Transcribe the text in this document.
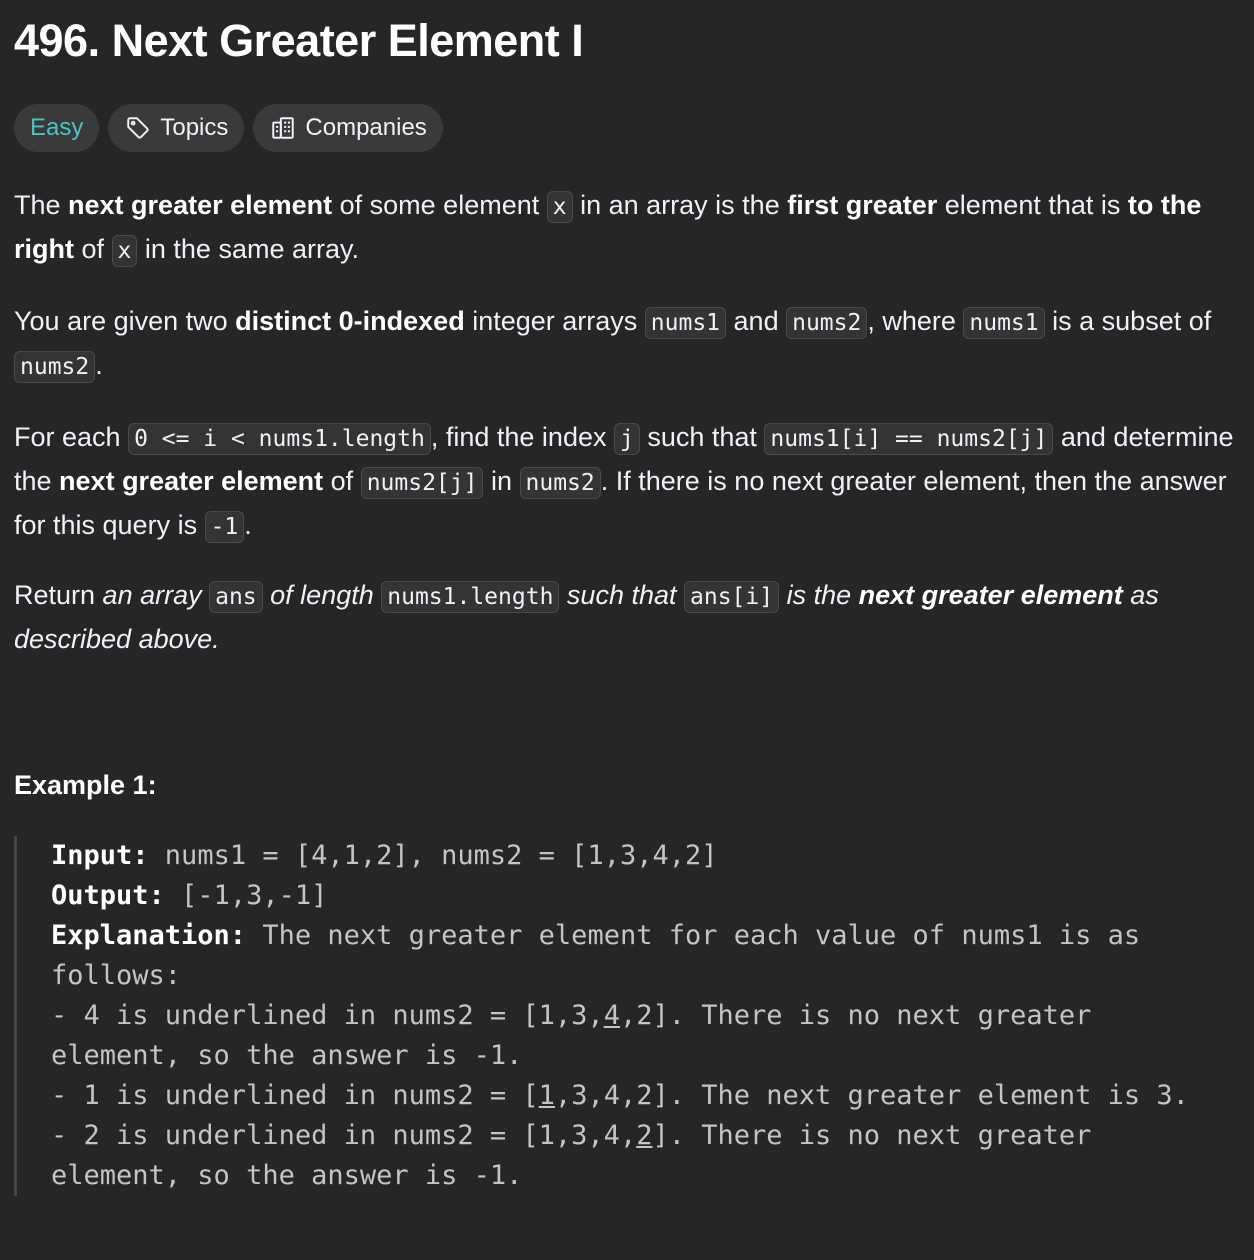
496. Next Greater Element I
Easy	Topics	Companies

The next greater element of some element x in an array is the first greater element that is to the right of x in the same array.

You are given two distinct 0-indexed integer arrays nums1 and nums2 , where nums1 is a subset of nums2 .

For each 0 <= i < nums1.length , find the index j such that nums1[i] == nums2[j] and determine the next greater element of nums2[j] in nums2 . If there is no next greater element, then the answer for this query is -1 .

Return an array ans of length nums1.length such that ans[i] is the next greater element as described above.

Example 1:
Input: nums1 = [4,1,2], nums2 = [1,3,4,2]
Output: [-1,3,-1]
Explanation: The next greater element for each value of nums1 is as follows:
- 4 is underlined in nums2 = [1,3,4,2]. There is no next greater element, so the answer is -1.
- 1 is underlined in nums2 = [1,3,4,2]. The next greater element is 3.
- 2 is underlined in nums2 = [1,3,4,2]. There is no next greater element, so the answer is -1.
